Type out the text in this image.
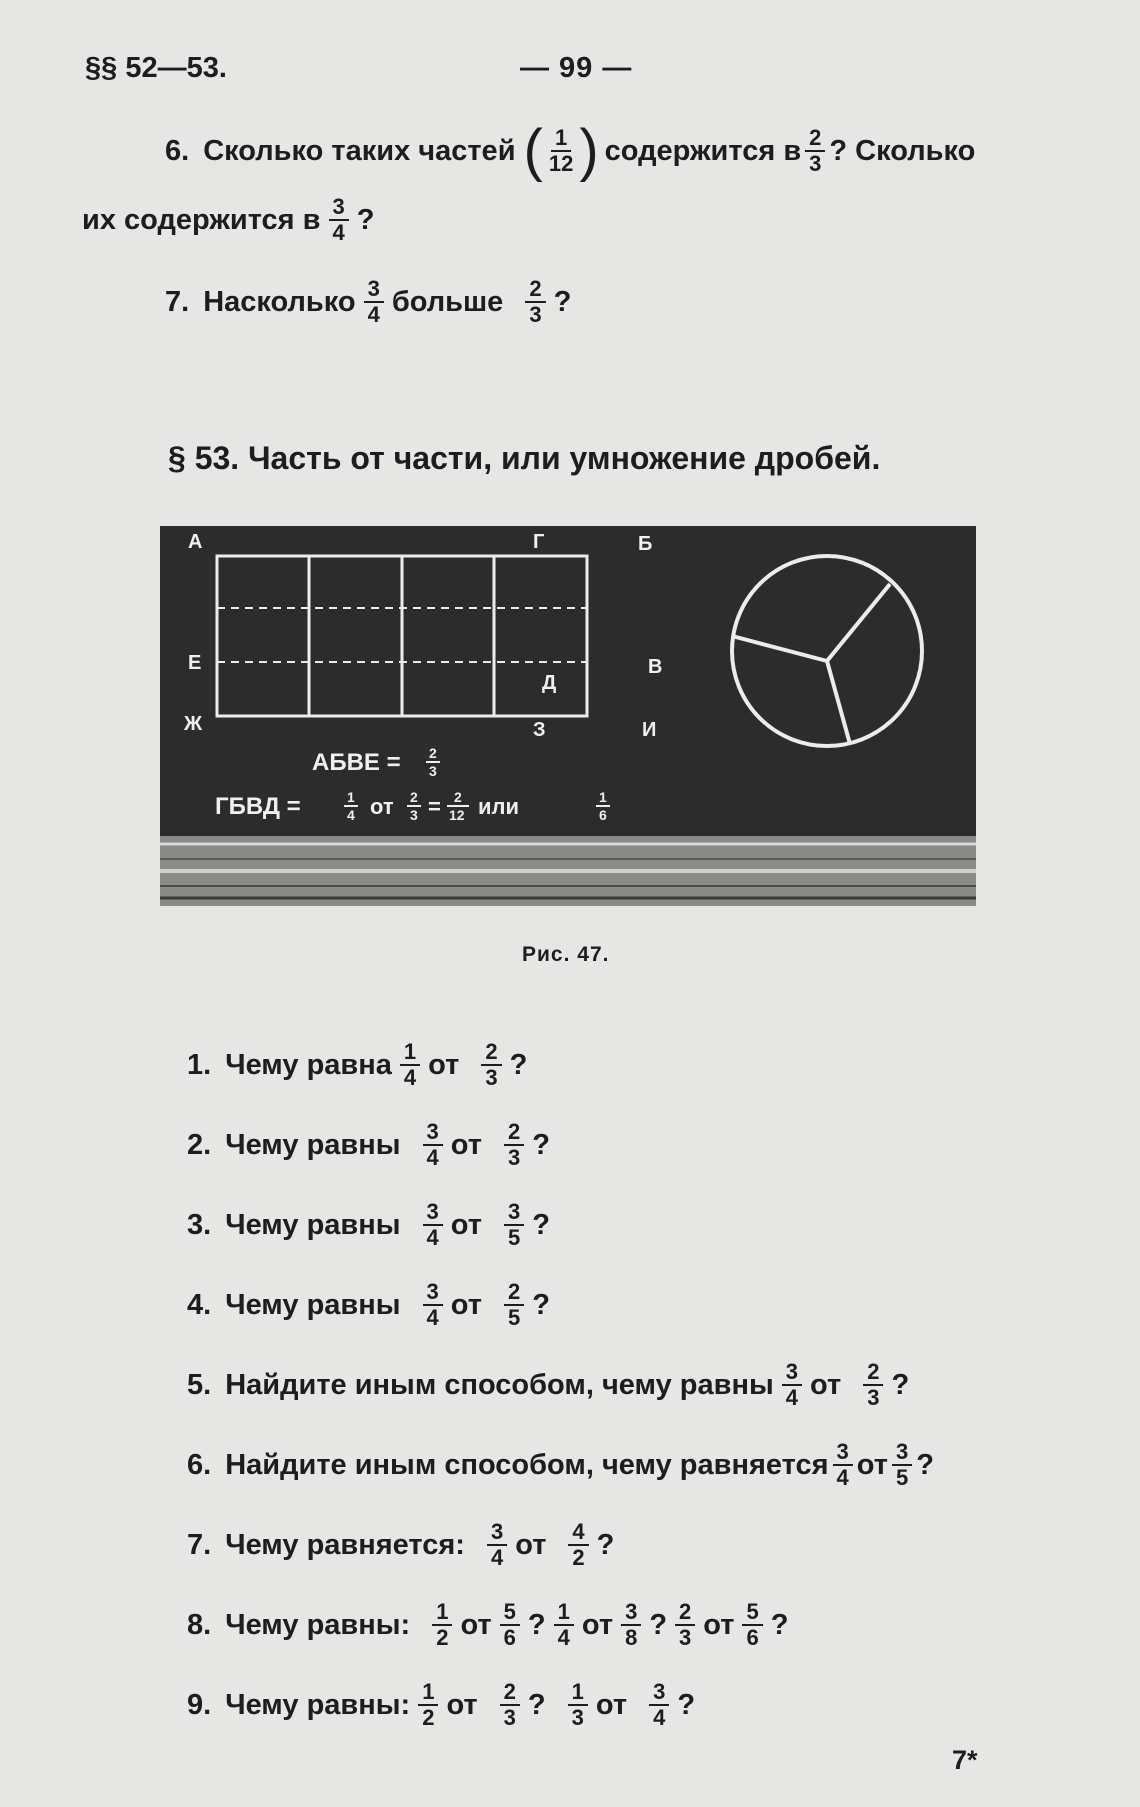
§§ 52—53.	— 99 —
6. Сколько таких частей ( $\frac{1}{12}$ ) содержится в $\frac{2}{3}$ ? Сколько
их содержится в $\frac{3}{4}$ ?
7. Насколько $\frac{3}{4}$ больше $\frac{2}{3}$ ?
§ 53. Часть от части, или умножение дробей.
А	Г	Б
Е	В
Д
Ж	З	И
АБВЕ = 2
3
ГБВД =	1
4 от 2
3 = 2
12 или	1
6
Рис. 47.
1. Чему равна $\frac{1}{4}$ от $\frac{2}{3}$ ?
2. Чему равны $\frac{3}{4}$ от $\frac{2}{3}$ ?
3. Чему равны $\frac{3}{4}$ от $\frac{3}{5}$ ?
4. Чему равны $\frac{3}{4}$ от $\frac{2}{5}$ ?
5. Найдите иным способом, чему равны $\frac{3}{4}$ от $\frac{2}{3}$ ?
6. Найдите иным способом, чему равняется $\frac{3}{4}$ от $\frac{3}{5}$ ?
7. Чему равняется: $\frac{3}{4}$ от $\frac{4}{2}$ ?
8. Чему равны: $\frac{1}{2}$ от $\frac{5}{6}$ ? $\frac{1}{4}$ от $\frac{3}{8}$ ? $\frac{2}{3}$ от $\frac{5}{6}$ ?
9. Чему равны: $\frac{1}{2}$ от $\frac{2}{3}$ ? $\frac{1}{3}$ от $\frac{3}{4}$ ?
7*
